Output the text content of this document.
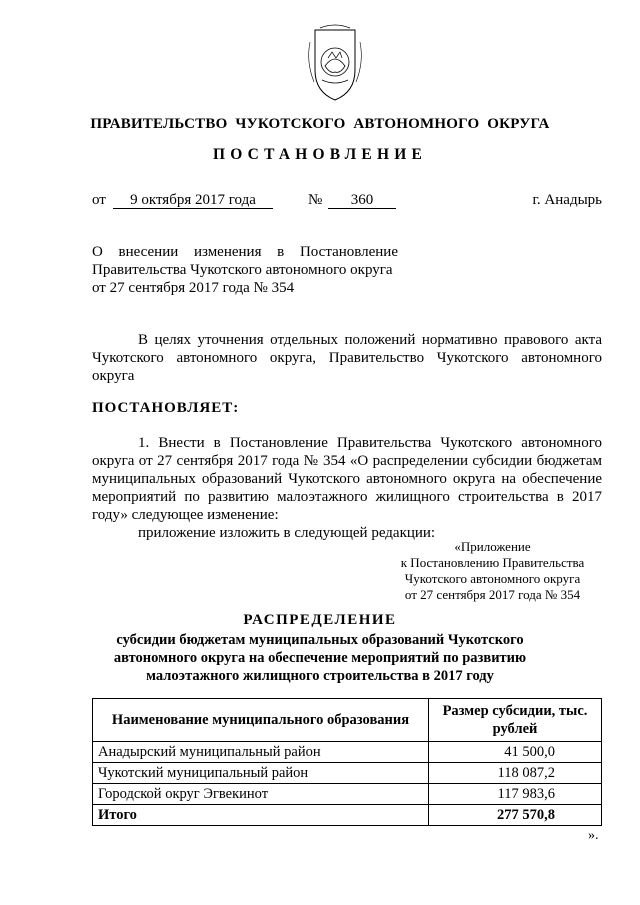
ПРАВИТЕЛЬСТВО ЧУКОТСКОГО АВТОНОМНОГО ОКРУГА
ПОСТАНОВЛЕНИЕ
от	9 октября 2017 года	№	360	г. Анадырь
О внесении изменения в Постановление
Правительства Чукотского автономного округа
от 27 сентября 2017 года № 354
В целях уточнения отдельных положений нормативно правового акта
Чукотского автономного округа, Правительство Чукотского автономного
округа
ПОСТАНОВЛЯЕТ:
1. Внести в Постановление Правительства Чукотского автономного
округа от 27 сентября 2017 года № 354 «О распределении субсидии бюджетам
муниципальных образований Чукотского автономного округа на обеспечение
мероприятий по развитию малоэтажного жилищного строительства в 2017
году» следующее изменение:
приложение изложить в следующей редакции:
«Приложение
к Постановлению Правительства
Чукотского автономного округа
от 27 сентября 2017 года № 354
РАСПРЕДЕЛЕНИЕ
субсидии бюджетам муниципальных образований Чукотского
автономного округа на обеспечение мероприятий по развитию
малоэтажного жилищного строительства в 2017 году
Наименование муниципального образования	Размер субсидии, тыс. рублей
Анадырский муниципальный район	41 500,0
Чукотский муниципальный район	118 087,2
Городской округ Эгвекинот	117 983,6
Итого	277 570,8
».
